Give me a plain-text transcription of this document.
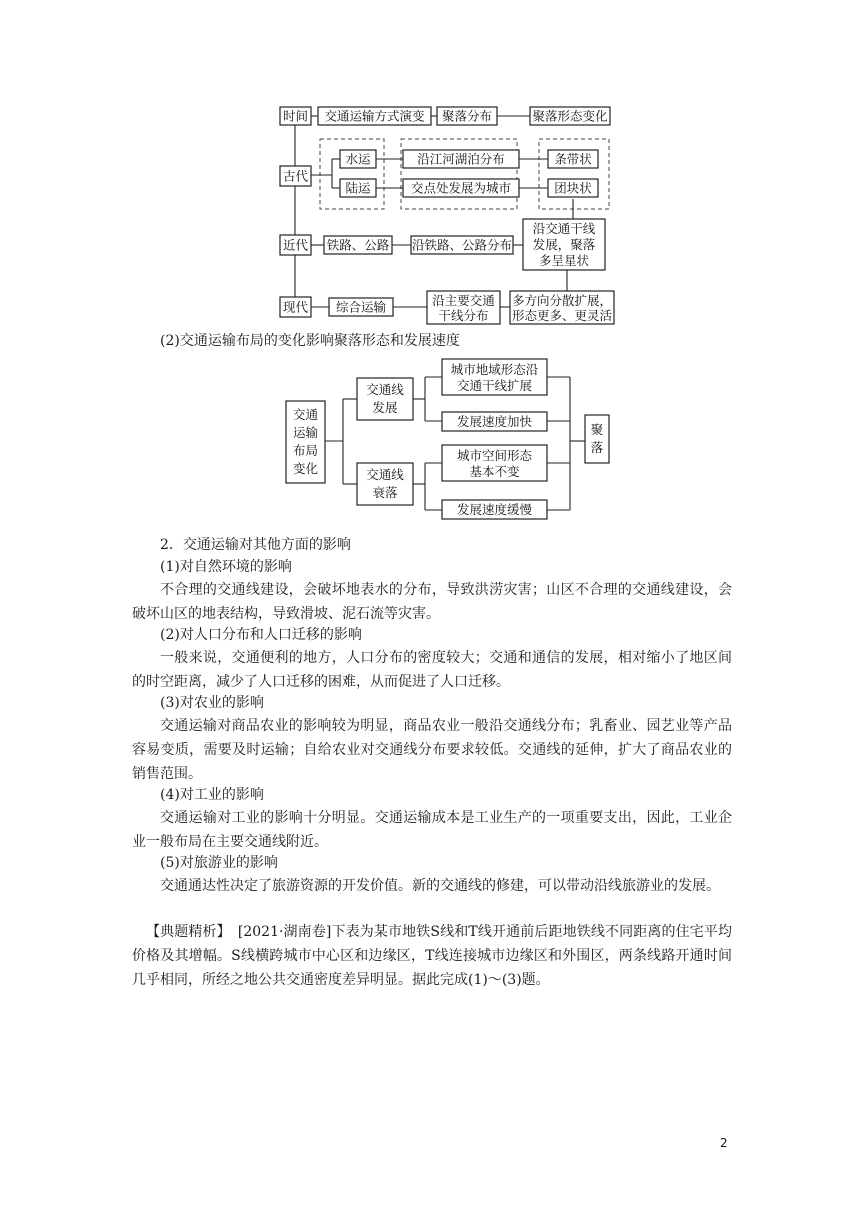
时间 交通运输方式演变 聚落分布	聚落形态变化
古代
水运
陆运
沿江河湖泊分布
交点处发展为城市
条带状
团块状
近代 铁路、公路 沿铁路、公路分布
沿交通干线
发展，聚落
多呈星状
现代 综合运输	沿主要交通
干线分布
多方向分散扩展，
形态更多、更灵活
(2)交通运输布局的变化影响聚落形态和发展速度
交通
运输
布局
变化
交通线
发展
交通线
衰落
城市地域形态沿
交通干线扩展
发展速度加快
城市空间形态
基本不变
发展速度缓慢
聚
落
2．交通运输对其他方面的影响
(1)对自然环境的影响
不合理的交通线建设，会破坏地表水的分布，导致洪涝灾害；山区不合理的交通线建设，会破坏山区的地表结构，导致滑坡、泥石流等灾害。
(2)对人口分布和人口迁移的影响
一般来说，交通便利的地方，人口分布的密度较大；交通和通信的发展，相对缩小了地区间的时空距离，减少了人口迁移的困难，从而促进了人口迁移。
(3)对农业的影响
交通运输对商品农业的影响较为明显，商品农业一般沿交通线分布；乳畜业、园艺业等产品容易变质，需要及时运输；自给农业对交通线分布要求较低。交通线的延伸，扩大了商品农业的销售范围。
(4)对工业的影响
交通运输对工业的影响十分明显。交通运输成本是工业生产的一项重要支出，因此，工业企业一般布局在主要交通线附近。
(5)对旅游业的影响
交通通达性决定了旅游资源的开发价值。新的交通线的修建，可以带动沿线旅游业的发展。
【典题精析】　[2021·湖南卷]下表为某市地铁S线和T线开通前后距地铁线不同距离的住宅平均价格及其增幅。S线横跨城市中心区和边缘区，T线连接城市边缘区和外围区，两条线路开通时间几乎相同，所经之地公共交通密度差异明显。据此完成(1)～(3)题。
2
